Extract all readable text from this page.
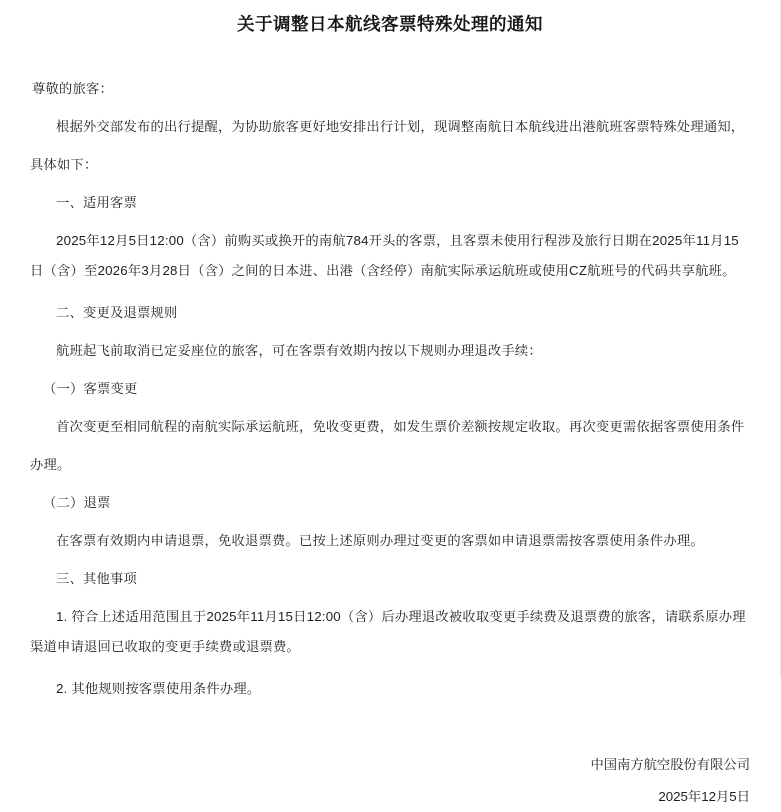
关于调整日本航线客票特殊处理的通知

尊敬的旅客：

根据外交部发布的出行提醒，为协助旅客更好地安排出行计划，现调整南航日本航线进出港航班客票特殊处理通知，具体如下：

一、适用客票

2025年12月5日12:00（含）前购买或换开的南航784开头的客票，且客票未使用行程涉及旅行日期在2025年11月15日（含）至2026年3月28日（含）之间的日本进、出港（含经停）南航实际承运航班或使用CZ航班号的代码共享航班。

二、变更及退票规则

航班起飞前取消已定妥座位的旅客，可在客票有效期内按以下规则办理退改手续：

（一）客票变更

首次变更至相同航程的南航实际承运航班，免收变更费，如发生票价差额按规定收取。再次变更需依据客票使用条件办理。

（二）退票

在客票有效期内申请退票，免收退票费。已按上述原则办理过变更的客票如申请退票需按客票使用条件办理。

三、其他事项

1. 符合上述适用范围且于2025年11月15日12:00（含）后办理退改被收取变更手续费及退票费的旅客，请联系原办理渠道申请退回已收取的变更手续费或退票费。

2. 其他规则按客票使用条件办理。

中国南方航空股份有限公司
2025年12月5日
